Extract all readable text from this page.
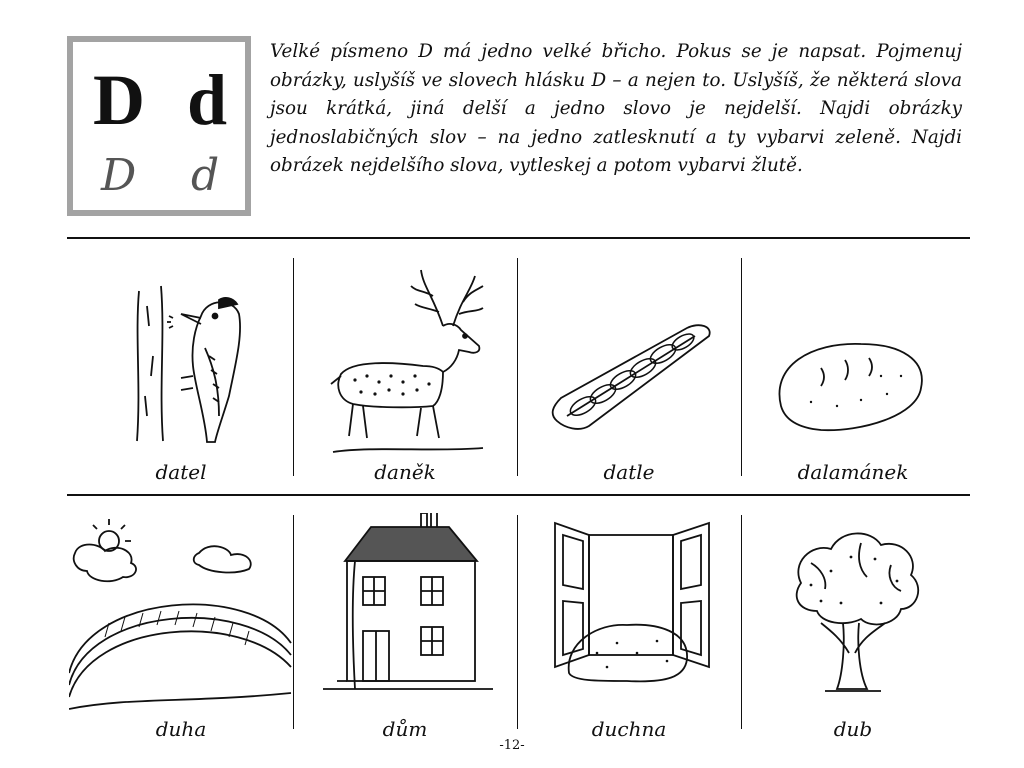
D d
D d

Velké písmeno D má jedno velké břicho. Pokus se je napsat. Pojmenuj obrázky, uslyšíš ve slovech hlásku D – a nejen to. Uslyšíš, že některá slova jsou krátká, jiná delší a jedno slovo je nejdelší. Najdi obrázky jednoslabičných slov – na jedno zatlesknutí a ty vybarvi zeleně. Najdi obrázek nejdelšího slova, vytleskej a potom vybarvi žlutě.

datel	daněk	datle	dalamánek
duha	dům	duchna	dub
-12-
